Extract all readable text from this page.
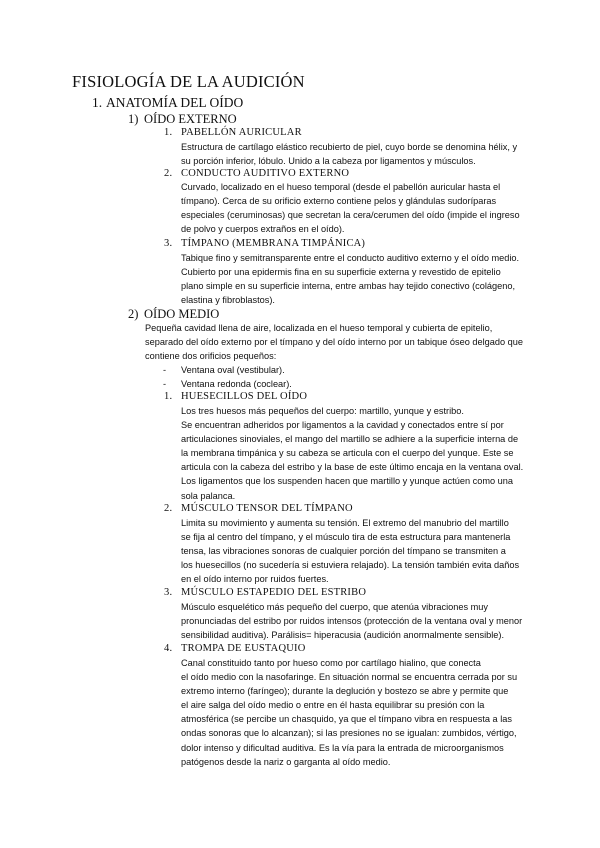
FISIOLOGÍA DE LA AUDICIÓN
1. ANATOMÍA DEL OÍDO
1) OÍDO EXTERNO
1. PABELLÓN AURICULAR
Estructura de cartílago elástico recubierto de piel, cuyo borde se denomina hélix, y
su porción inferior, lóbulo. Unido a la cabeza por ligamentos y músculos.
2. CONDUCTO AUDITIVO EXTERNO
Curvado, localizado en el hueso temporal (desde el pabellón auricular hasta el
tímpano). Cerca de su orificio externo contiene pelos y glándulas sudoríparas
especiales (ceruminosas) que secretan la cera/cerumen del oído (impide el ingreso
de polvo y cuerpos extraños en el oído).
3. TÍMPANO (MEMBRANA TIMPÁNICA)
Tabique fino y semitransparente entre el conducto auditivo externo y el oído medio.
Cubierto por una epidermis fina en su superficie externa y revestido de epitelio
plano simple en su superficie interna, entre ambas hay tejido conectivo (colágeno,
elastina y fibroblastos).
2) OÍDO MEDIO
Pequeña cavidad llena de aire, localizada en el hueso temporal y cubierta de epitelio,
separado del oído externo por el tímpano y del oído interno por un tabique óseo delgado que
contiene dos orificios pequeños:
- Ventana oval (vestibular).
- Ventana redonda (coclear).
1. HUESECILLOS DEL OÍDO
Los tres huesos más pequeños del cuerpo: martillo, yunque y estribo.
Se encuentran adheridos por ligamentos a la cavidad y conectados entre sí por
articulaciones sinoviales, el mango del martillo se adhiere a la superficie interna de
la membrana timpánica y su cabeza se articula con el cuerpo del yunque. Este se
articula con la cabeza del estribo y la base de este último encaja en la ventana oval.
Los ligamentos que los suspenden hacen que martillo y yunque actúen como una
sola palanca.
2. MÚSCULO TENSOR DEL TÍMPANO
Limita su movimiento y aumenta su tensión. El extremo del manubrio del martillo
se fija al centro del tímpano, y el músculo tira de esta estructura para mantenerla
tensa, las vibraciones sonoras de cualquier porción del tímpano se transmiten a
los huesecillos (no sucedería si estuviera relajado). La tensión también evita daños
en el oído interno por ruidos fuertes.
3. MÚSCULO ESTAPEDIO DEL ESTRIBO
Músculo esquelético más pequeño del cuerpo, que atenúa vibraciones muy
pronunciadas del estribo por ruidos intensos (protección de la ventana oval y menor
sensibilidad auditiva). Parálisis= hiperacusia (audición anormalmente sensible).
4. TROMPA DE EUSTAQUIO
Canal constituido tanto por hueso como por cartílago hialino, que conecta
el oído medio con la nasofaringe. En situación normal se encuentra cerrada por su
extremo interno (faríngeo); durante la deglución y bostezo se abre y permite que
el aire salga del oído medio o entre en él hasta equilibrar su presión con la
atmosférica (se percibe un chasquido, ya que el tímpano vibra en respuesta a las
ondas sonoras que lo alcanzan); si las presiones no se igualan: zumbidos, vértigo,
dolor intenso y dificultad auditiva. Es la vía para la entrada de microorganismos
patógenos desde la nariz o garganta al oído medio.
